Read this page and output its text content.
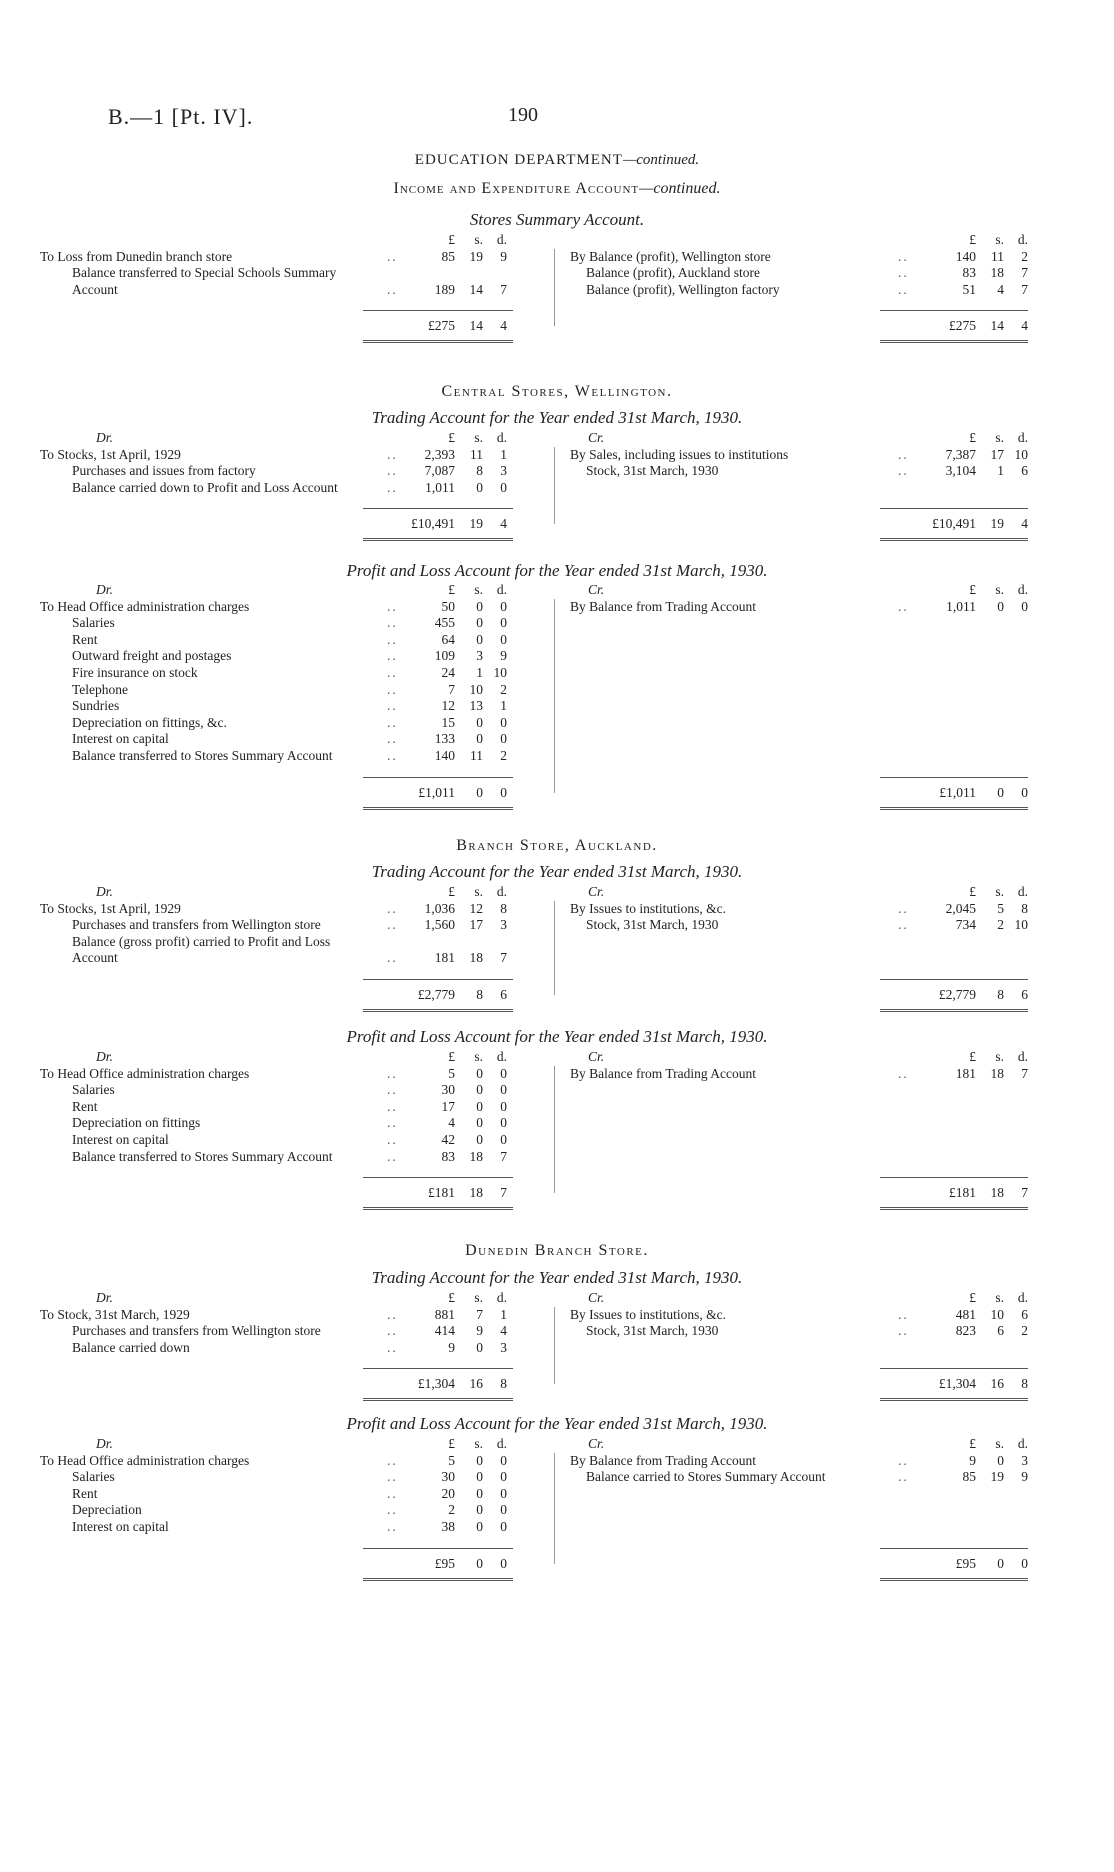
B.—1 [Pt. IV].	190
EDUCATION DEPARTMENT—continued.
Income and Expenditure Account—continued.
Stores Summary Account.
£ s. d.	£ s. d.
To Loss from Dunedin branch store	..	85 19 9	By Balance (profit), Wellington store	..	140 11 2
Balance transferred to Special Schools Summary	Balance (profit), Auckland store	..	83 18 7
Account	..	189 14 7	Balance (profit), Wellington factory	..	51 4 7
£275 14 4	£275 14 4
Central Stores, Wellington.
Trading Account for the Year ended 31st March, 1930.
Dr.	Cr.
£ s. d.	£ s. d.
To Stocks, 1st April, 1929	..	2,393 11 1	By Sales, including issues to institutions	..	7,387 17 10
Purchases and issues from factory	..	7,087 8 3	Stock, 31st March, 1930	..	3,104 1 6
Balance carried down to Profit and Loss Account	..	1,011 0 0
£10,491 19 4	£10,491 19 4
Profit and Loss Account for the Year ended 31st March, 1930.
Dr.	Cr.
£ s. d.	£ s. d.
To Head Office administration charges	..	50 0 0	By Balance from Trading Account	..	1,011 0 0
Salaries	..	455 0 0
Rent	..	64 0 0
Outward freight and postages	..	109 3 9
Fire insurance on stock	..	24 1 10
Telephone	..	7 10 2
Sundries	..	12 13 1
Depreciation on fittings, &c.	..	15 0 0
Interest on capital	..	133 0 0
Balance transferred to Stores Summary Account	..	140 11 2
£1,011 0 0	£1,011 0 0
Branch Store, Auckland.
Trading Account for the Year ended 31st March, 1930.
Dr.	Cr.
£ s. d.	£ s. d.
To Stocks, 1st April, 1929	..	1,036 12 8	By Issues to institutions, &c.	..	2,045 5 8
Purchases and transfers from Wellington store	..	1,560 17 3	Stock, 31st March, 1930	..	734 2 10
Balance (gross profit) carried to Profit and Loss
Account	..	181 18 7
£2,779 8 6	£2,779 8 6
Profit and Loss Account for the Year ended 31st March, 1930.
Dr.	Cr.
£ s. d.	£ s. d.
To Head Office administration charges	..	5 0 0	By Balance from Trading Account	..	181 18 7
Salaries	..	30 0 0
Rent	..	17 0 0
Depreciation on fittings	..	4 0 0
Interest on capital	..	42 0 0
Balance transferred to Stores Summary Account	..	83 18 7
£181 18 7	£181 18 7
Dunedin Branch Store.
Trading Account for the Year ended 31st March, 1930.
Dr.	Cr.
£ s. d.	£ s. d.
To Stock, 31st March, 1929	..	881 7 1	By Issues to institutions, &c.	..	481 10 6
Purchases and transfers from Wellington store	..	414 9 4	Stock, 31st March, 1930	..	823 6 2
Balance carried down	..	9 0 3
£1,304 16 8	£1,304 16 8
Profit and Loss Account for the Year ended 31st March, 1930.
Dr.	Cr.
£ s. d.	£ s. d.
To Head Office administration charges	..	5 0 0	By Balance from Trading Account	..	9 0 3
Salaries	..	30 0 0	Balance carried to Stores Summary Account	..	85 19 9
Rent	..	20 0 0
Depreciation	..	2 0 0
Interest on capital	..	38 0 0
£95 0 0	£95 0 0
